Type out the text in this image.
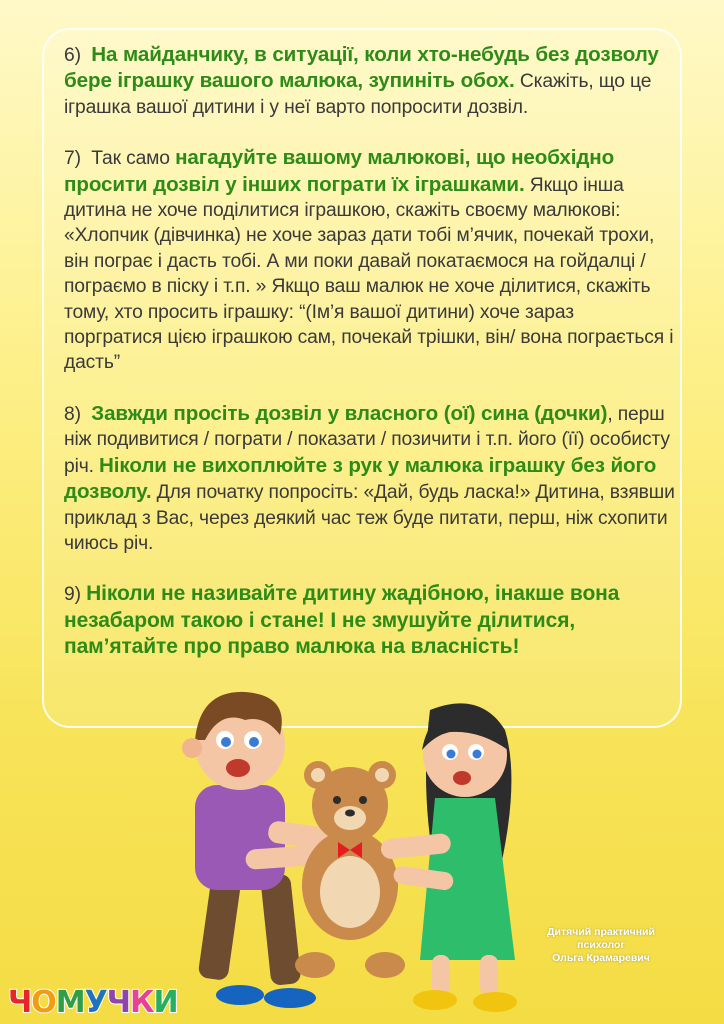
6) На майданчику, в ситуації, коли хто-небудь без дозволу бере іграшку вашого малюка, зупиніть обох. Скажіть, що це іграшка вашої дитини і у неї варто попросити дозвіл.

7) Так само нагадуйте вашому малюкові, що необхідно просити дозвіл у інших пограти їх іграшками. Якщо інша дитина не хоче поділитися іграшкою, скажіть своєму малюкові: «Хлопчик (дівчинка) не хоче зараз дати тобі м’ячик, почекай трохи, він пограє і дасть тобі. А ми поки давай покатаємося на гойдалці / пограємо в піску і т.п. » Якщо ваш малюк не хоче ділитися, скажіть тому, хто просить іграшку: “(Ім’я вашої дитини) хоче зараз поргратися цією іграшкою сам, почекай трішки, він/ вона пограється і дасть”

8) Завжди просіть дозвіл у власного (ої) сина (дочки), перш ніж подивитися / пограти / показати / позичити і т.п. його (її) особисту річ. Ніколи не вихоплюйте з рук у малюка іграшку без його дозволу. Для початку попросіть: «Дай, будь ласка!» Дитина, взявши приклад з Вас, через деякий час теж буде питати, перш, ніж схопити чиюсь річ.

9) Ніколи не називайте дитину жадібною, інакше вона незабаром такою і стане! І не змушуйте ділитися, пам’ятайте про право малюка на власність!

Дитячий практичний
психолог
Ольга Крамаревич
ЧОМУЧКИ
